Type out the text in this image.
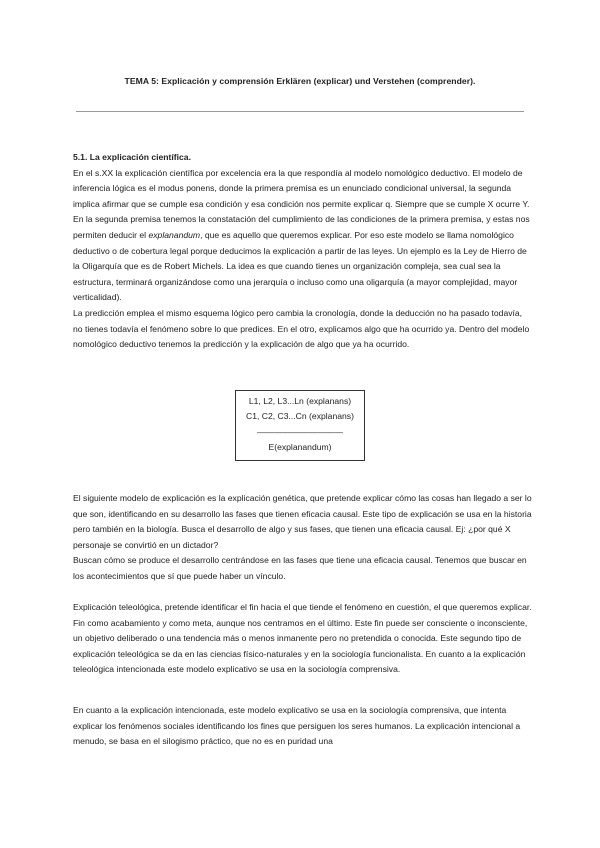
TEMA 5: Explicación y comprensión Erklären (explicar) und Verstehen (comprender).

5.1. La explicación científica.

En el s.XX la explicación científica por excelencia era la que respondía al modelo nomológico deductivo. El modelo de inferencia lógica es el modus ponens, donde la primera premisa es un enunciado condicional universal, la segunda implica afirmar que se cumple esa condición y esa condición nos permite explicar q. Siempre que se cumple X ocurre Y. En la segunda premisa tenemos la constatación del cumplimiento de las condiciones de la primera premisa, y estas nos permiten deducir el explanandum, que es aquello que queremos explicar. Por eso este modelo se llama nomológico deductivo o de cobertura legal porque deducimos la explicación a partir de las leyes. Un ejemplo es la Ley de Hierro de la Oligarquía que es de Robert Michels. La idea es que cuando tienes un organización compleja, sea cual sea la estructura, terminará organizándose como una jerarquía o incluso como una oligarquía (a mayor complejidad, mayor verticalidad).

La predicción emplea el mismo esquema lógico pero cambia la cronología, donde la deducción no ha pasado todavía, no tienes todavía el fenómeno sobre lo que predices. En el otro, explicamos algo que ha ocurrido ya. Dentro del modelo nomológico deductivo tenemos la predicción y la explicación de algo que ya ha ocurrido.

L1, L2, L3...Ln (explanans)
C1, C2, C3...Cn (explanans)
——————————
E(explanandum)

El siguiente modelo de explicación es la explicación genética, que pretende explicar cómo las cosas han llegado a ser lo que son, identificando en su desarrollo las fases que tienen eficacia causal. Este tipo de explicación se usa en la historia pero también en la biología. Busca el desarrollo de algo y sus fases, que tienen una eficacia causal. Ej: ¿por qué X personaje se convirtió en un dictador?

Buscan cómo se produce el desarrollo centrándose en las fases que tiene una eficacia causal. Tenemos que buscar en los acontecimientos que sí que puede haber un vínculo.

Explicación teleológica, pretende identificar el fin hacia el que tiende el fenómeno en cuestión, el que queremos explicar. Fin como acabamiento y como meta, aunque nos centramos en el último. Este fin puede ser consciente o inconsciente, un objetivo deliberado o una tendencia más o menos inmanente pero no pretendida o conocida. Este segundo tipo de explicación teleológica se da en las ciencias físico-naturales y en la sociología funcionalista. En cuanto a la explicación teleológica intencionada este modelo explicativo se usa en la sociología comprensiva.

En cuanto a la explicación intencionada, este modelo explicativo se usa en la sociología comprensiva, que intenta explicar los fenómenos sociales identificando los fines que persiguen los seres humanos. La explicación intencional a menudo, se basa en el silogismo práctico, que no es en puridad una
